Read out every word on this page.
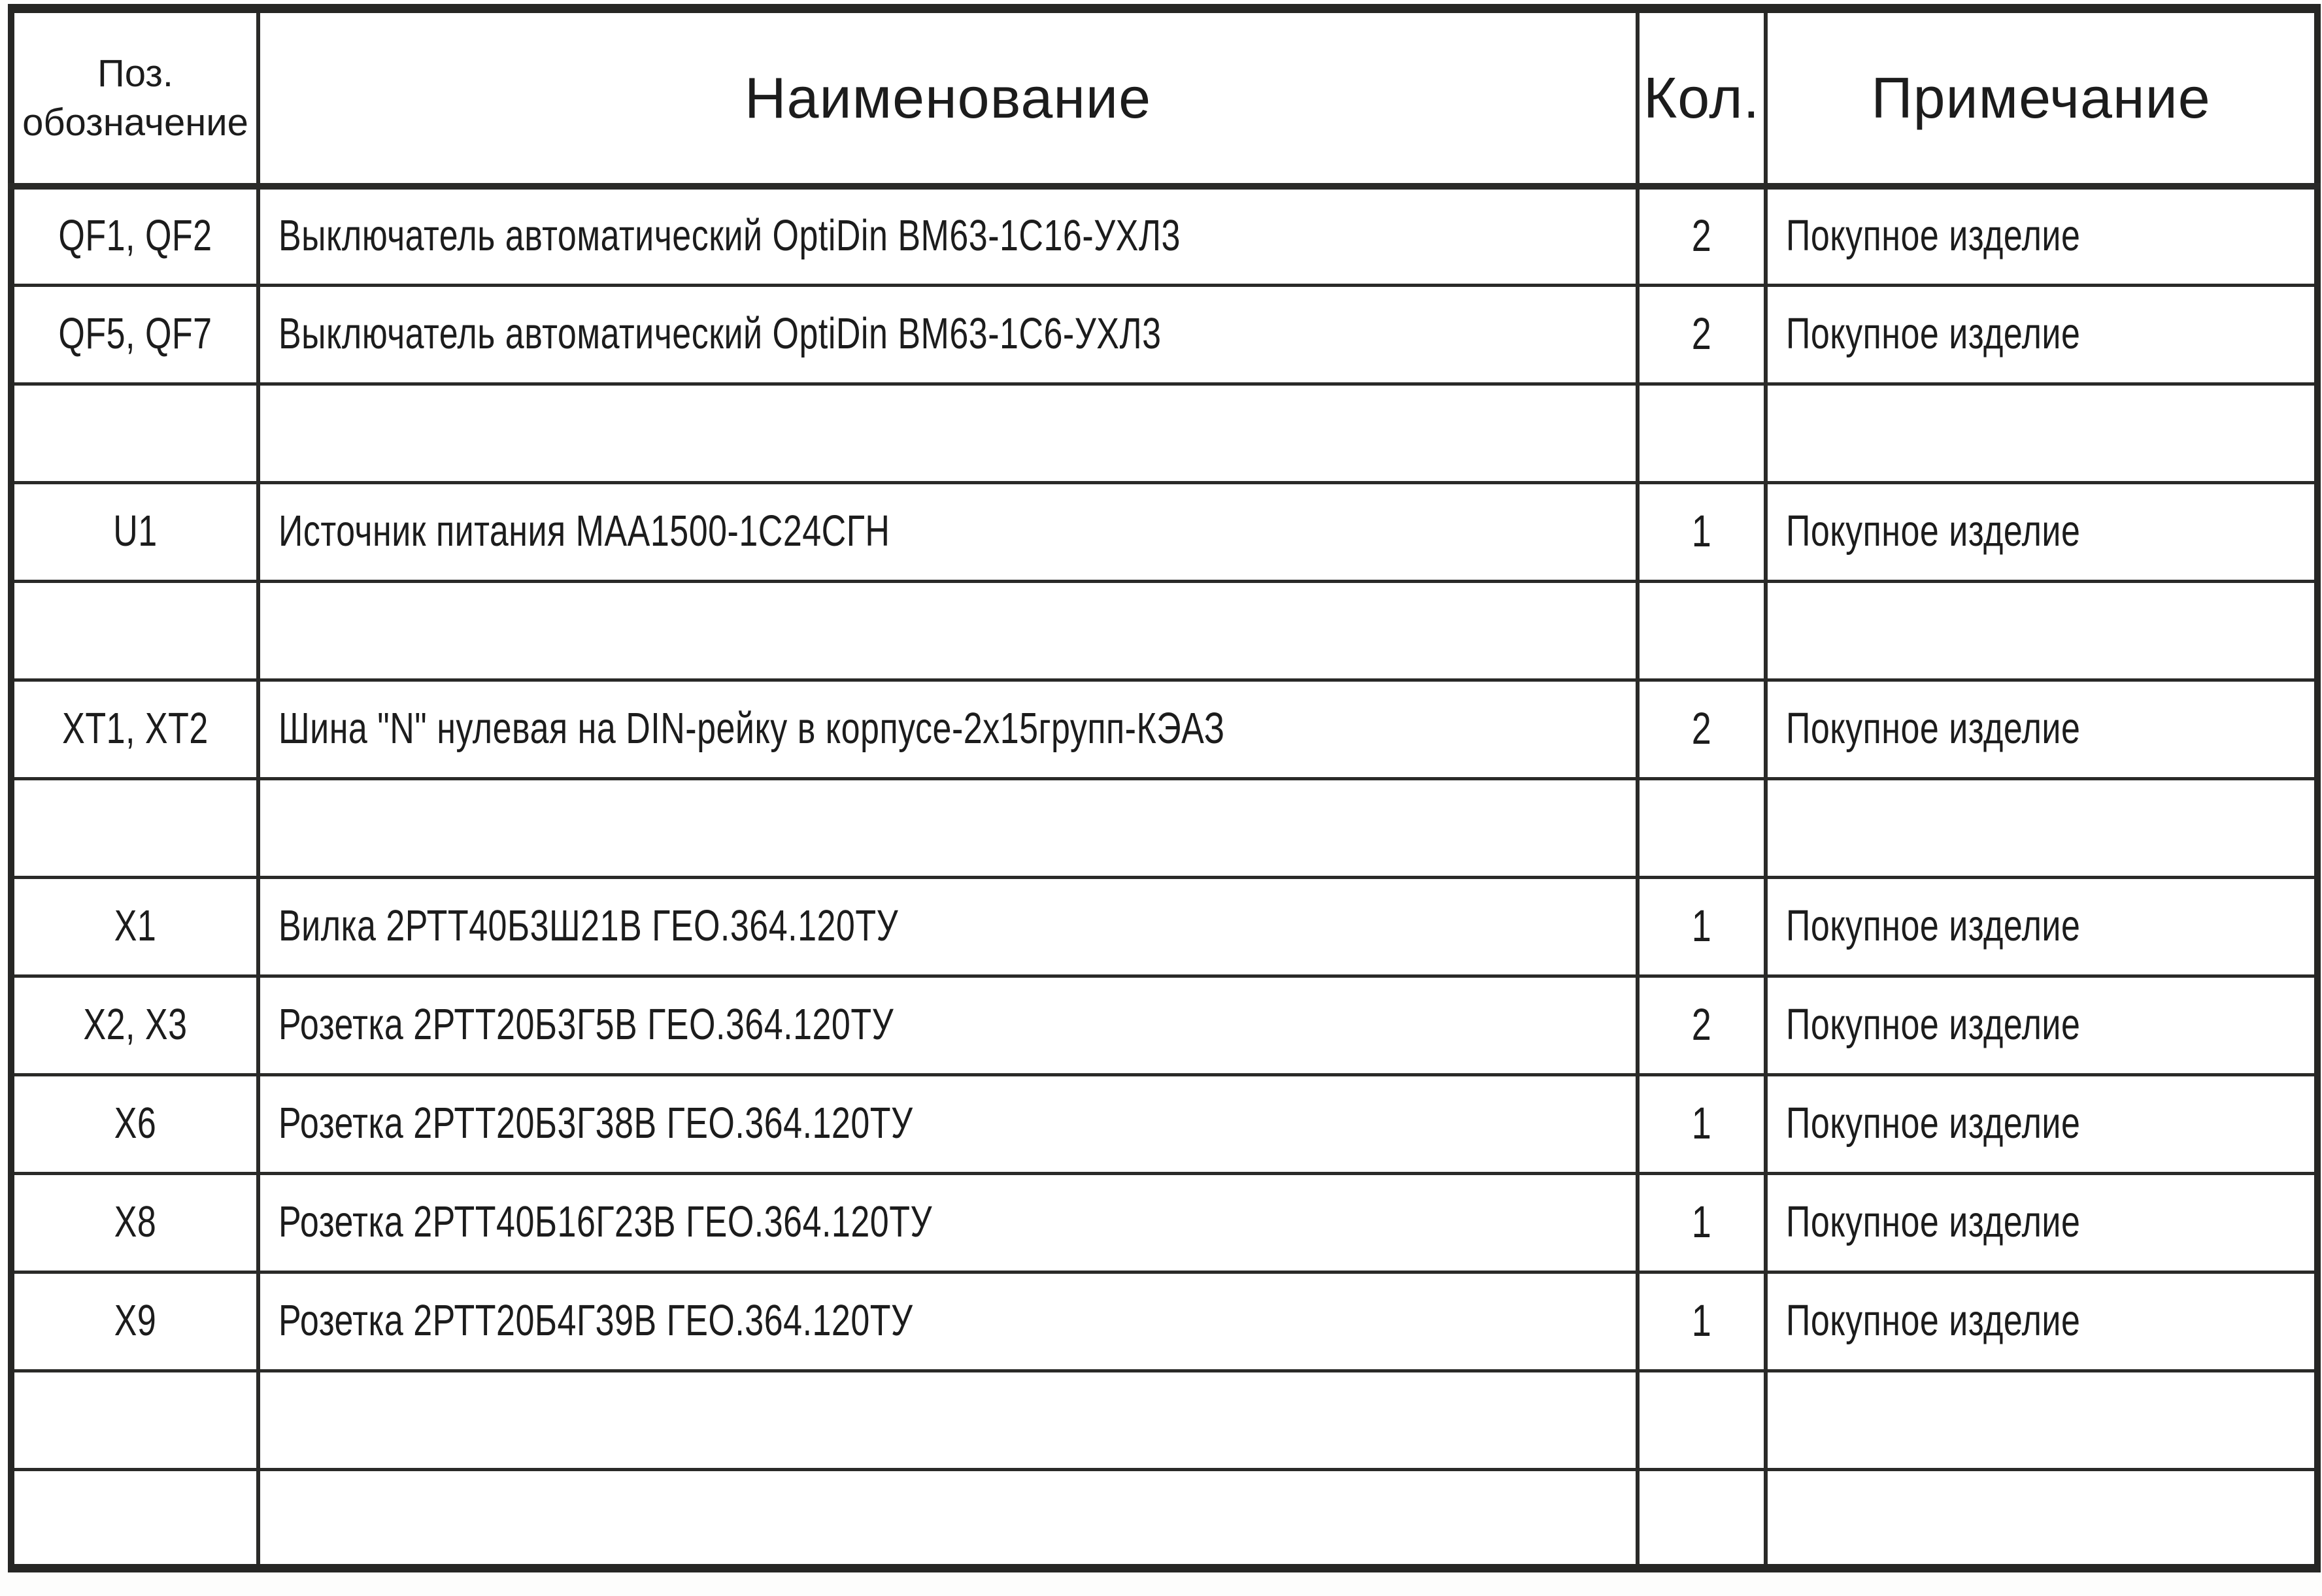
Поз.
обозначение	Наименование	Кол.	Примечание
QF1, QF2	Выключатель автоматический OptiDin ВМ63-1С16-УХЛ3	2	Покупное изделие
QF5, QF7	Выключатель автоматический OptiDin ВМ63-1С6-УХЛ3	2	Покупное изделие

U1	Источник питания МАА1500-1С24СГН	1	Покупное изделие

XT1, XT2	Шина "N" нулевая на DIN-рейку в корпусе-2х15групп-КЭАЗ	2	Покупное изделие

X1	Вилка 2РТТ40Б3Ш21В ГЕО.364.120ТУ	1	Покупное изделие
X2, X3	Розетка 2РТТ20Б3Г5В ГЕО.364.120ТУ	2	Покупное изделие
X6	Розетка 2РТТ20Б3Г38В ГЕО.364.120ТУ	1	Покупное изделие
X8	Розетка 2РТТ40Б16Г23В ГЕО.364.120ТУ	1	Покупное изделие
X9	Розетка 2РТТ20Б4Г39В ГЕО.364.120ТУ	1	Покупное изделие
